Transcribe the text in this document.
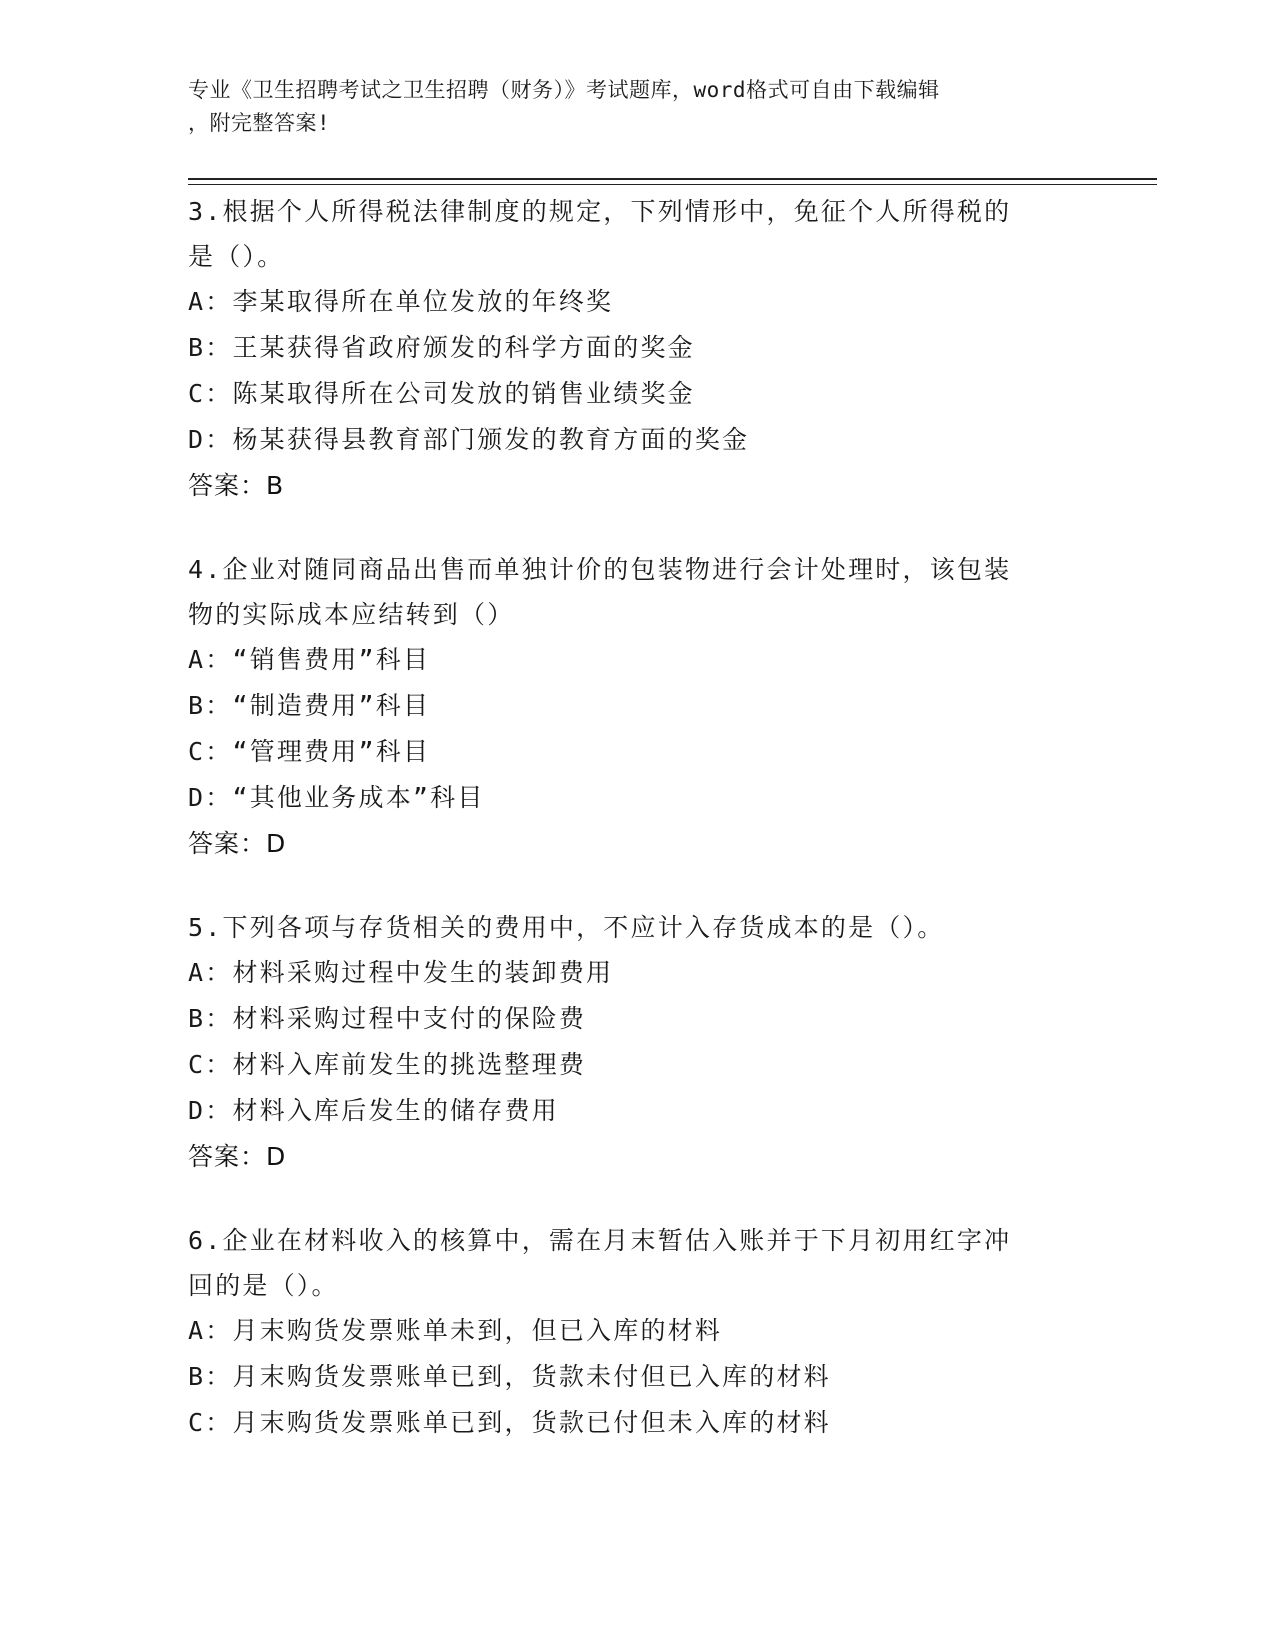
专业《卫生招聘考试之卫生招聘（财务）》考试题库，word格式可自由下载编辑
，附完整答案!
3.根据个人所得税法律制度的规定，下列情形中，免征个人所得税的
是（）。
A：李某取得所在单位发放的年终奖
B：王某获得省政府颁发的科学方面的奖金
C：陈某取得所在公司发放的销售业绩奖金
D：杨某获得县教育部门颁发的教育方面的奖金
答案：B
4.企业对随同商品出售而单独计价的包装物进行会计处理时，该包装
物的实际成本应结转到（）
A：“销售费用”科目
B：“制造费用”科目
C：“管理费用”科目
D：“其他业务成本”科目
答案：D
5.下列各项与存货相关的费用中，不应计入存货成本的是（）。
A：材料采购过程中发生的装卸费用
B：材料采购过程中支付的保险费
C：材料入库前发生的挑选整理费
D：材料入库后发生的储存费用
答案：D
6.企业在材料收入的核算中，需在月末暂估入账并于下月初用红字冲
回的是（）。
A：月末购货发票账单未到，但已入库的材料
B：月末购货发票账单已到，货款未付但已入库的材料
C：月末购货发票账单已到，货款已付但未入库的材料
